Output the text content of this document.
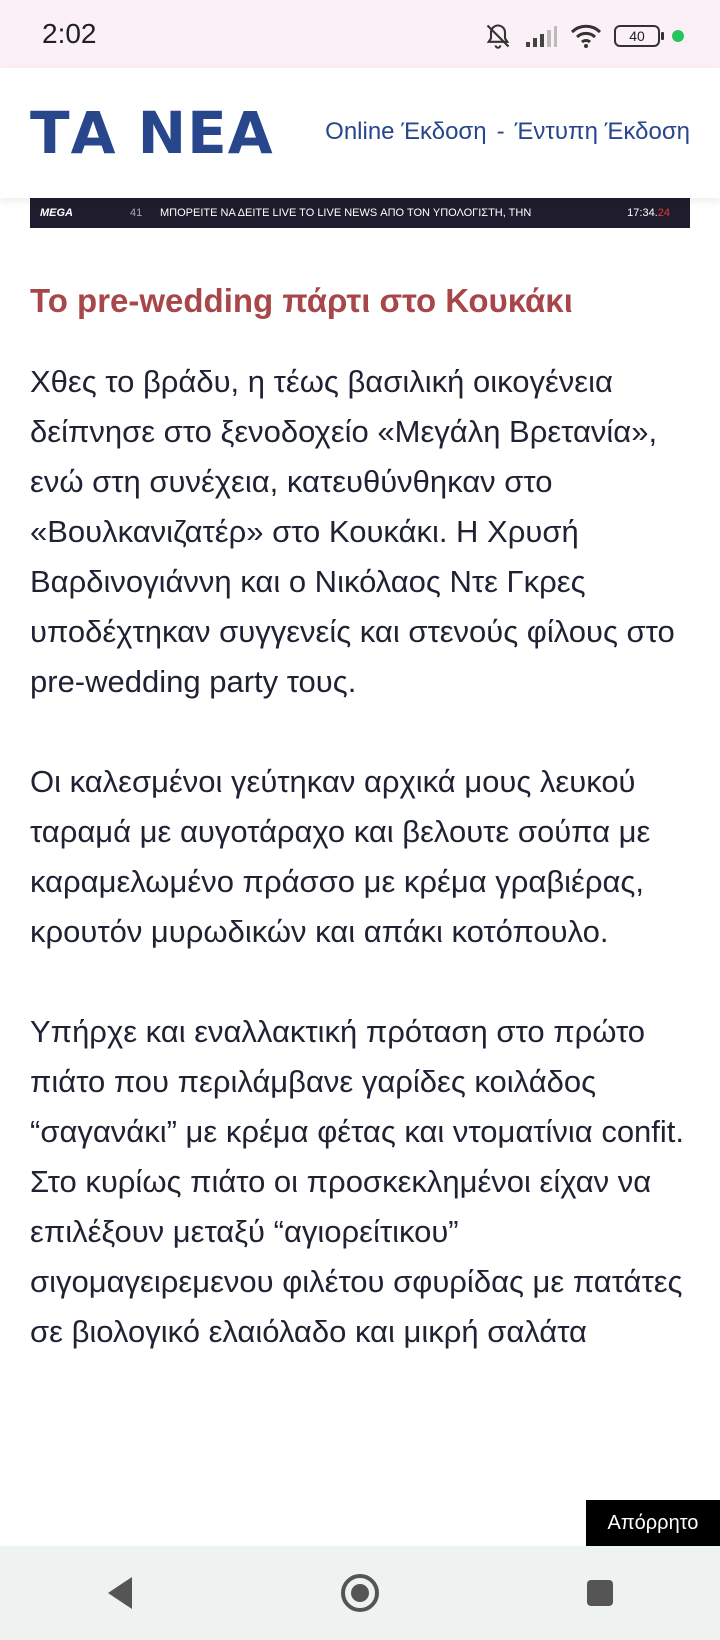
2:02	40
ΤΑ ΝΕΑ Online Έκδοση - Έντυπη Έκδοση
MEGA	41	ΜΠΟΡΕΙΤΕ ΝΑ ΔΕΙΤΕ LIVE TO LIVE NEWS ΑΠΟ ΤΟΝ ΥΠΟΛΟΓΙΣΤΗ, ΤΗΝ	17:34.24
Το pre-wedding πάρτι στο Κουκάκι

Χθες το βράδυ, η τέως βασιλική οικογένεια δείπνησε στο ξενοδοχείο «Μεγάλη Βρετανία», ενώ στη συνέχεια, κατευθύνθηκαν στο «Βουλκανιζατέρ» στο Κουκάκι. Η Χρυσή Βαρδινογιάννη και ο Νικόλαος Ντε Γκρες υποδέχτηκαν συγγενείς και στενούς φίλους στο pre-wedding party τους.

Οι καλεσμένοι γεύτηκαν αρχικά μους λευκού ταραμά με αυγοτάραχο και βελουτε σούπα με καραμελωμένο πράσσο με κρέμα γραβιέρας, κρουτόν μυρωδικών και απάκι κοτόπουλο.

Υπήρχε και εναλλακτική πρόταση στο πρώτο πιάτο που περιλάμβανε γαρίδες κοιλάδος “σαγανάκι” με κρέμα φέτας και ντοματίνια confit. Στο κυρίως πιάτο οι προσκεκλημένοι είχαν να επιλέξουν μεταξύ “αγιορείτικου” σιγομαγειρεμενου φιλέτου σφυρίδας με πατάτες σε βιολογικό ελαιόλαδο και μικρή σαλάτα

Απόρρητο
